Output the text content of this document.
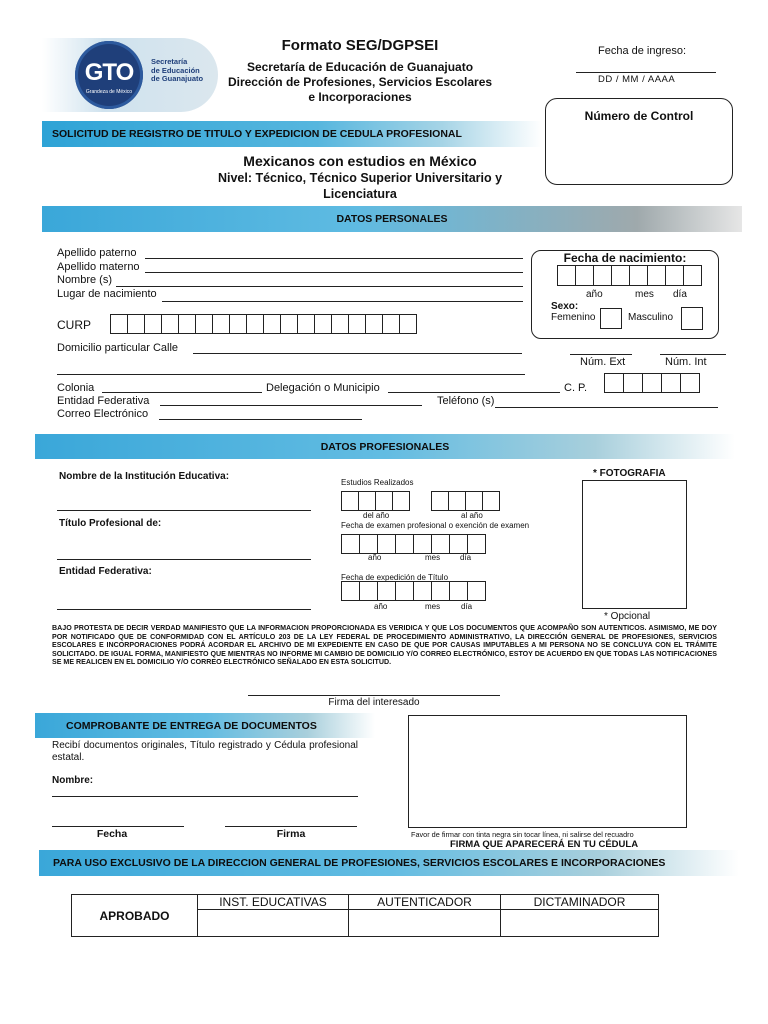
GTO
Grandeza de México
Secretaría
de Educación
de Guanajuato
Formato SEG/DGPSEI
Secretaría de Educación de Guanajuato
Dirección de Profesiones, Servicios Escolares
e Incorporaciones
Fecha de ingreso:
DD / MM / AAAA
Número de Control
SOLICITUD DE REGISTRO DE TITULO Y EXPEDICION DE CEDULA PROFESIONAL
Mexicanos con estudios en México
Nivel: Técnico, Técnico Superior Universitario y
Licenciatura
DATOS PERSONALES
Apellido paterno
Apellido materno
Nombre (s)
Lugar de nacimiento
CURP
Domicilio particular Calle
Núm. Ext	Núm. Int
Colonia	Delegación o Municipio	C. P.
Entidad Federativa	Teléfono (s)
Correo Electrónico
Fecha de nacimiento:
año	mes día
Sexo:
Femenino	Masculino
DATOS PROFESIONALES
Nombre de la Institución Educativa:
Título Profesional de:
Entidad Federativa:
Estudios Realizados
del año	al año
Fecha de examen profesional o exención de examen
año	mes día
Fecha de expedición de Título
año	mes	día
* FOTOGRAFIA
* Opcional
BAJO PROTESTA DE DECIR VERDAD MANIFIESTO QUE LA INFORMACION PROPORCIONADA ES VERIDICA Y QUE LOS DOCUMENTOS QUE ACOMPAÑO SON AUTENTICOS. ASIMISMO, ME DOY POR NOTIFICADO QUE DE CONFORMIDAD CON EL ARTÍCULO 203 DE LA LEY FEDERAL DE PROCEDIMIENTO ADMINISTRATIVO, LA DIRECCIÓN GENERAL DE PROFESIONES, SERVICIOS ESCOLARES E INCORPORACIONES PODRÁ ACORDAR EL ARCHIVO DE MI EXPEDIENTE EN CASO DE QUE POR CAUSAS IMPUTABLES A MI PERSONA NO SE CONCLUYA CON EL TRÁMITE SOLICITADO. DE IGUAL FORMA, MANIFIESTO QUE MIENTRAS NO INFORME MI CAMBIO DE DOMICILIO Y/O CORREO ELECTRÓNICO, ESTOY DE ACUERDO EN QUE TODAS LAS NOTIFICACIONES SE ME REALICEN EN EL DOMICILIO Y/O CORREO ELECTRÓNICO SEÑALADO EN ESTA SOLICITUD.
Firma del interesado
COMPROBANTE DE ENTREGA DE DOCUMENTOS
Recibí documentos originales, Título registrado y Cédula profesional estatal.
Nombre:
Fecha	Firma	Favor de firmar con tinta negra sin tocar línea, ni salirse del recuadro
FIRMA QUE APARECERÁ EN TU CÉDULA
PARA USO EXCLUSIVO DE LA DIRECCION GENERAL DE PROFESIONES, SERVICIOS ESCOLARES E INCORPORACIONES
APROBADO	INST. EDUCATIVAS	AUTENTICADOR	DICTAMINADOR
